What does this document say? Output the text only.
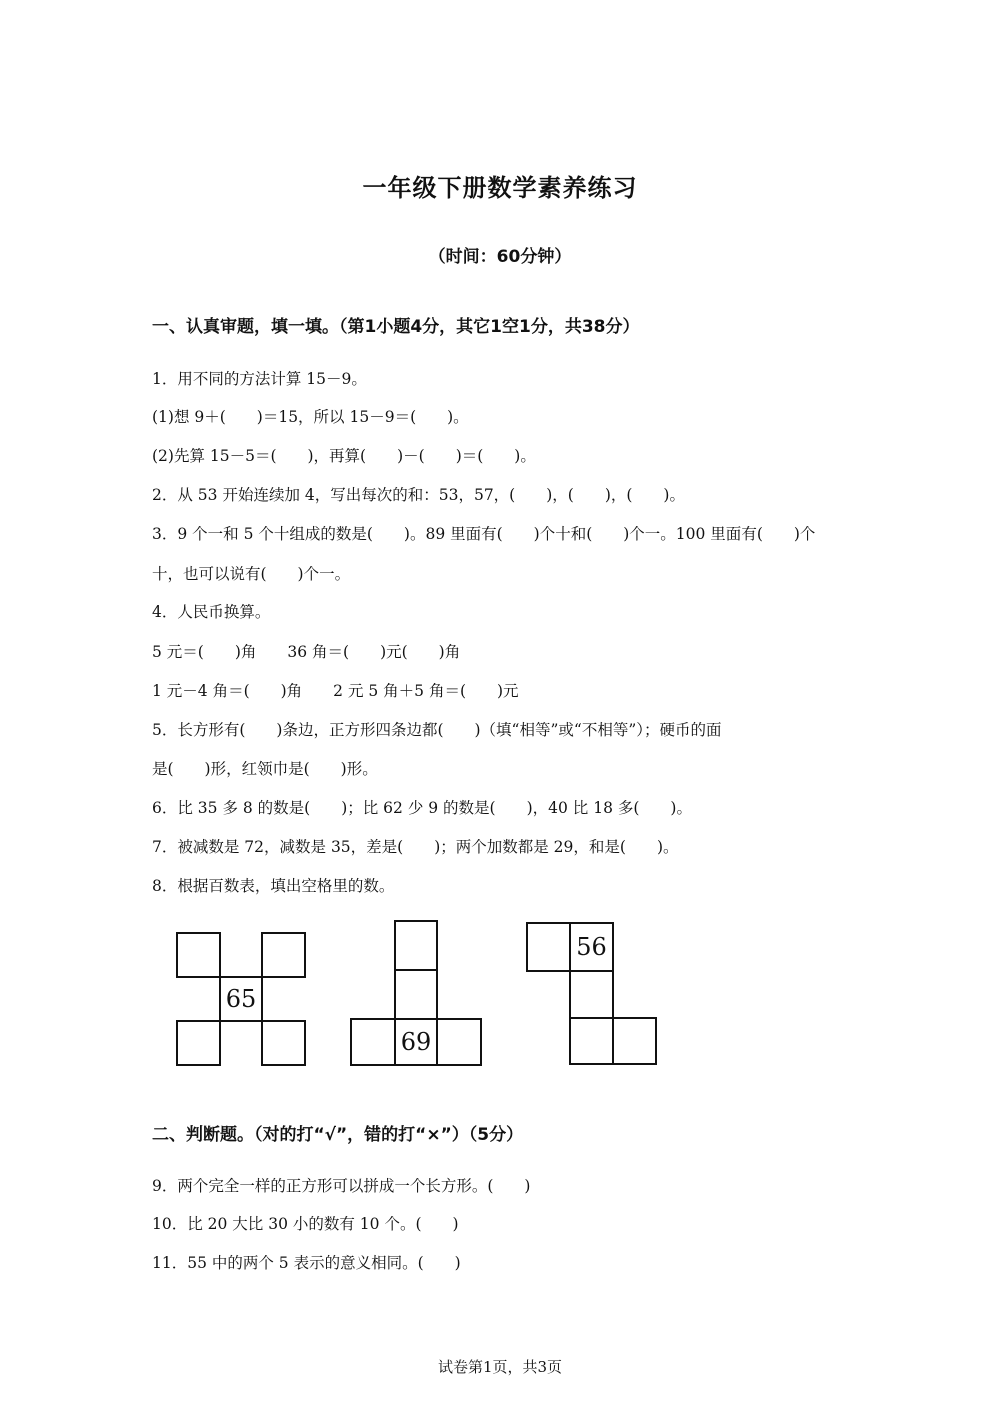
一年级下册数学素养练习
（时间：60分钟）
一、认真审题，填一填。（第1小题4分，其它1空1分，共38分）
1．用不同的方法计算 15－9。
(1)想 9＋(　　)＝15，所以 15－9＝(　　)。
(2)先算 15－5＝(　　)，再算(　　)－(　　)＝(　　)。
2．从 53 开始连续加 4，写出每次的和：53，57，(　　)，(　　)，(　　)。
3．9 个一和 5 个十组成的数是(　　)。89 里面有(　　)个十和(　　)个一。100 里面有(　　)个
十，也可以说有(　　)个一。
4．人民币换算。
5 元＝(　　)角　　36 角＝(　　)元(　　)角
1 元－4 角＝(　　)角　　2 元 5 角＋5 角＝(　　)元
5．长方形有(　　)条边，正方形四条边都(　　)（填“相等”或“不相等”）；硬币的面
是(　　)形，红领巾是(　　)形。
6．比 35 多 8 的数是(　　)；比 62 少 9 的数是(　　)，40 比 18 多(　　)。
7．被减数是 72，减数是 35，差是(　　)；两个加数都是 29，和是(　　)。
8．根据百数表，填出空格里的数。
65
69
56
二、判断题。（对的打“√”，错的打“×”）（5分）
9．两个完全一样的正方形可以拼成一个长方形。(　　)
10．比 20 大比 30 小的数有 10 个。(　　)
11．55 中的两个 5 表示的意义相同。(　　)
试卷第1页，共3页
